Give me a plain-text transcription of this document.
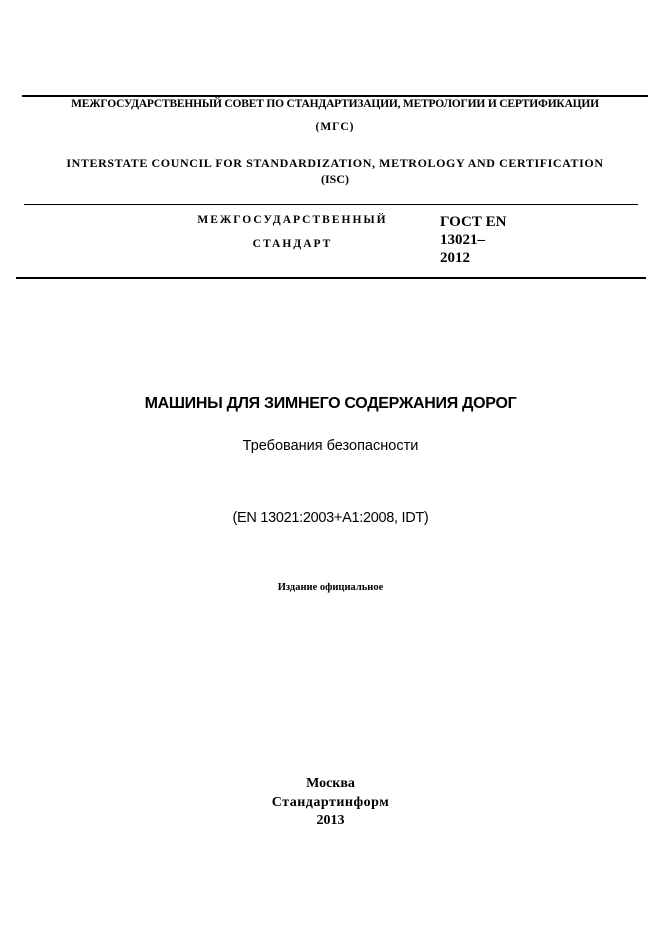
МЕЖГОСУДАРСТВЕННЫЙ СОВЕТ ПО СТАНДАРТИЗАЦИИ, МЕТРОЛОГИИ И СЕРТИФИКАЦИИ
(МГС)
INTERSTATE COUNCIL FOR STANDARDIZATION, METROLOGY AND CERTIFICATION
(ISC)
МЕЖГОСУДАРСТВЕННЫЙ
СТАНДАРТ
ГОСТ EN
13021–
2012
МАШИНЫ ДЛЯ ЗИМНЕГО СОДЕРЖАНИЯ ДОРОГ
Требования безопасности
(EN 13021:2003+A1:2008, IDT)
Издание официальное
Москва
Стандартинформ
2013
